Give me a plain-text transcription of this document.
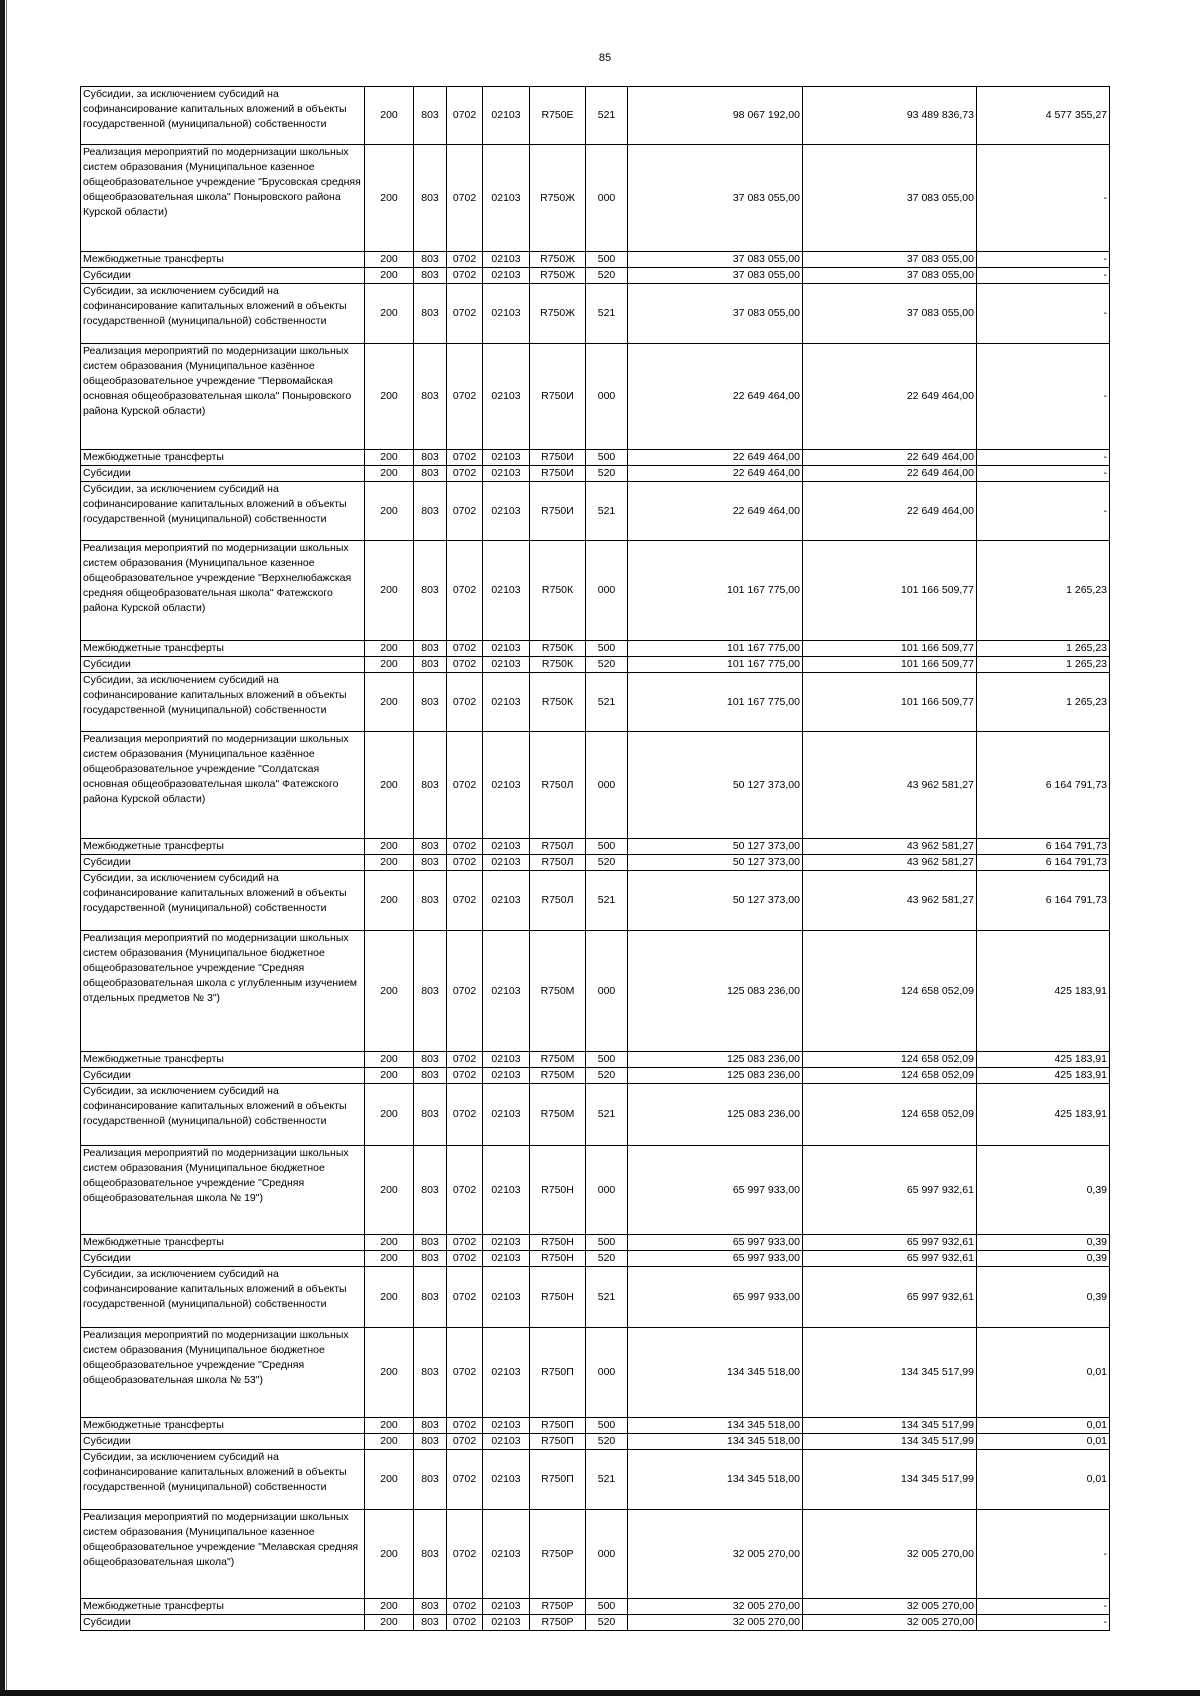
85
Субсидии, за исключением субсидий на софинансирование капитальных вложений в объекты государственной (муниципальной) собственности	200	803	0702	02103	R750E	521	98 067 192,00	93 489 836,73	4 577 355,27
Реализация мероприятий по модернизации школьных систем образования (Муниципальное казенное общеобразовательное учреждение "Брусовская средняя общеобразовательная школа" Поныровского района Курской области)	200	803	0702	02103	R750Ж	000	37 083 055,00	37 083 055,00	-
Межбюджетные трансферты	200	803	0702	02103	R750Ж	500	37 083 055,00	37 083 055,00	-
Субсидии	200	803	0702	02103	R750Ж	520	37 083 055,00	37 083 055,00	-
Субсидии, за исключением субсидий на софинансирование капитальных вложений в объекты государственной (муниципальной) собственности	200	803	0702	02103	R750Ж	521	37 083 055,00	37 083 055,00	-
Реализация мероприятий по модернизации школьных систем образования (Муниципальное казённое общеобразовательное учреждение "Первомайская основная общеобразовательная школа" Поныровского района Курской области)	200	803	0702	02103	R750И	000	22 649 464,00	22 649 464,00	-
Межбюджетные трансферты	200	803	0702	02103	R750И	500	22 649 464,00	22 649 464,00	-
Субсидии	200	803	0702	02103	R750И	520	22 649 464,00	22 649 464,00	-
Субсидии, за исключением субсидий на софинансирование капитальных вложений в объекты государственной (муниципальной) собственности	200	803	0702	02103	R750И	521	22 649 464,00	22 649 464,00	-
Реализация мероприятий по модернизации школьных систем образования (Муниципальное казенное общеобразовательное учреждение "Верхнелюбажская средняя общеобразовательная школа" Фатежского района Курской области)	200	803	0702	02103	R750К	000	101 167 775,00	101 166 509,77	1 265,23
Межбюджетные трансферты	200	803	0702	02103	R750К	500	101 167 775,00	101 166 509,77	1 265,23
Субсидии	200	803	0702	02103	R750К	520	101 167 775,00	101 166 509,77	1 265,23
Субсидии, за исключением субсидий на софинансирование капитальных вложений в объекты государственной (муниципальной) собственности	200	803	0702	02103	R750К	521	101 167 775,00	101 166 509,77	1 265,23
Реализация мероприятий по модернизации школьных систем образования (Муниципальное казённое общеобразовательное учреждение "Солдатская основная общеобразовательная школа" Фатежского района Курской области)	200	803	0702	02103	R750Л	000	50 127 373,00	43 962 581,27	6 164 791,73
Межбюджетные трансферты	200	803	0702	02103	R750Л	500	50 127 373,00	43 962 581,27	6 164 791,73
Субсидии	200	803	0702	02103	R750Л	520	50 127 373,00	43 962 581,27	6 164 791,73
Субсидии, за исключением субсидий на софинансирование капитальных вложений в объекты государственной (муниципальной) собственности	200	803	0702	02103	R750Л	521	50 127 373,00	43 962 581,27	6 164 791,73
Реализация мероприятий по модернизации школьных систем образования (Муниципальное бюджетное общеобразовательное учреждение "Средняя общеобразовательная школа с углубленным изучением отдельных предметов № 3")	200	803	0702	02103	R750М	000	125 083 236,00	124 658 052,09	425 183,91
Межбюджетные трансферты	200	803	0702	02103	R750М	500	125 083 236,00	124 658 052,09	425 183,91
Субсидии	200	803	0702	02103	R750М	520	125 083 236,00	124 658 052,09	425 183,91
Субсидии, за исключением субсидий на софинансирование капитальных вложений в объекты государственной (муниципальной) собственности	200	803	0702	02103	R750М	521	125 083 236,00	124 658 052,09	425 183,91
Реализация мероприятий по модернизации школьных систем образования (Муниципальное бюджетное общеобразовательное учреждение "Средняя общеобразовательная школа № 19")	200	803	0702	02103	R750Н	000	65 997 933,00	65 997 932,61	0,39
Межбюджетные трансферты	200	803	0702	02103	R750Н	500	65 997 933,00	65 997 932,61	0,39
Субсидии	200	803	0702	02103	R750Н	520	65 997 933,00	65 997 932,61	0,39
Субсидии, за исключением субсидий на софинансирование капитальных вложений в объекты государственной (муниципальной) собственности	200	803	0702	02103	R750Н	521	65 997 933,00	65 997 932,61	0,39
Реализация мероприятий по модернизации школьных систем образования (Муниципальное бюджетное общеобразовательное учреждение "Средняя общеобразовательная школа № 53")	200	803	0702	02103	R750П	000	134 345 518,00	134 345 517,99	0,01
Межбюджетные трансферты	200	803	0702	02103	R750П	500	134 345 518,00	134 345 517,99	0,01
Субсидии	200	803	0702	02103	R750П	520	134 345 518,00	134 345 517,99	0,01
Субсидии, за исключением субсидий на софинансирование капитальных вложений в объекты государственной (муниципальной) собственности	200	803	0702	02103	R750П	521	134 345 518,00	134 345 517,99	0,01
Реализация мероприятий по модернизации школьных систем образования (Муниципальное казенное общеобразовательное учреждение "Мелавская средняя общеобразовательная школа")	200	803	0702	02103	R750Р	000	32 005 270,00	32 005 270,00	-
Межбюджетные трансферты	200	803	0702	02103	R750Р	500	32 005 270,00	32 005 270,00	-
Субсидии	200	803	0702	02103	R750Р	520	32 005 270,00	32 005 270,00	-
